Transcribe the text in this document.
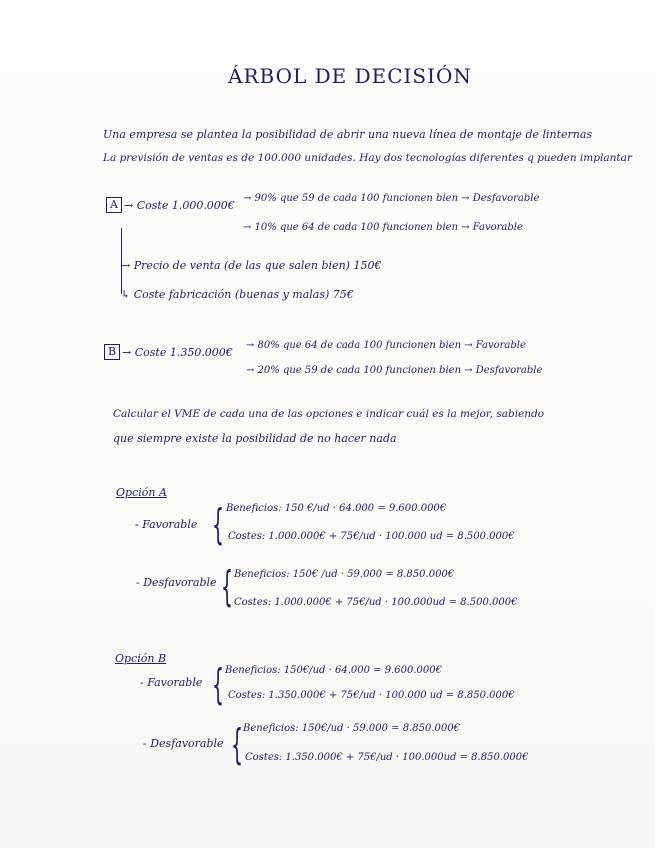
ÁRBOL DE DECISIÓN
Una empresa se plantea la posibilidad de abrir una nueva línea de montaje de linternas
La previsión de ventas es de 100.000 unidades. Hay dos tecnologías diferentes q pueden implantar
A → Coste 1.000.000€
→ 90% que 59 de cada 100 funcionen bien → Desfavorable
→ 10% que 64 de cada 100 funcionen bien → Favorable
→ Precio de venta (de las que salen bien) 150€
↳ Coste fabricación (buenas y malas) 75€
B → Coste 1.350.000€
→ 80% que 64 de cada 100 funcionen bien → Favorable
→ 20% que 59 de cada 100 funcionen bien → Desfavorable
Calcular el VME de cada una de las opciones e indicar cuál es la mejor, sabiendo
que siempre existe la posibilidad de no hacer nada
Opción A
- Favorable { Beneficios: 150 €/ud · 64.000 = 9.600.000€
Costes: 1.000.000€ + 75€/ud · 100.000 ud = 8.500.000€
- Desfavorable { Beneficios: 150€ /ud · 59.000 = 8.850.000€
Costes: 1.000.000€ + 75€/ud · 100.000ud = 8.500.000€
Opción B
- Favorable { Beneficios: 150€/ud · 64.000 = 9.600.000€
Costes: 1.350.000€ + 75€/ud · 100.000 ud = 8.850.000€
- Desfavorable { Beneficios: 150€/ud · 59.000 = 8.850.000€
Costes: 1.350.000€ + 75€/ud · 100.000ud = 8.850.000€
